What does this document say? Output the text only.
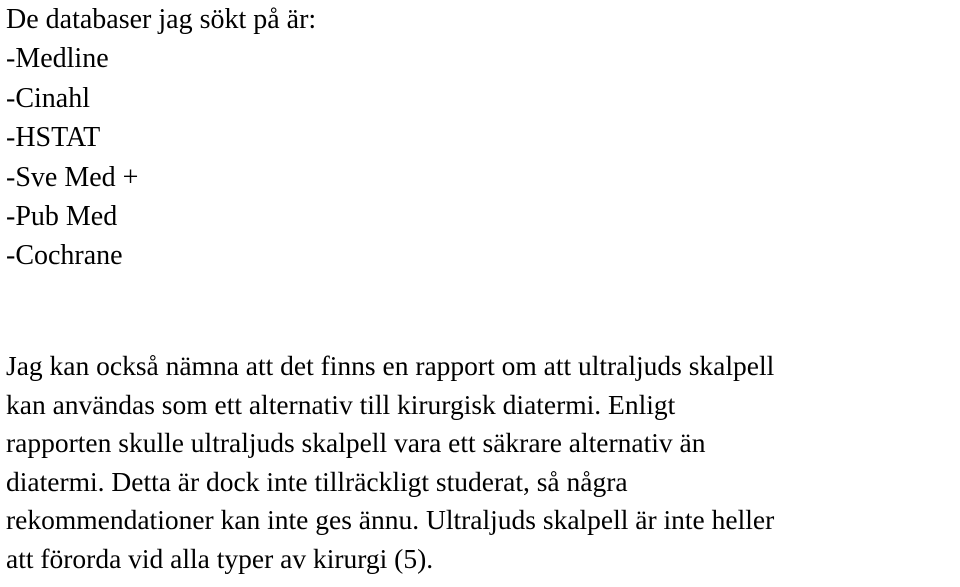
De databaser jag sökt på är:
-Medline
-Cinahl
-HSTAT
-Sve Med +
-Pub Med
-Cochrane

Jag kan också nämna att det finns en rapport om att ultraljuds skalpell
kan användas som ett alternativ till kirurgisk diatermi. Enligt
rapporten skulle ultraljuds skalpell vara ett säkrare alternativ än
diatermi. Detta är dock inte tillräckligt studerat, så några
rekommendationer kan inte ges ännu. Ultraljuds skalpell är inte heller
att förorda vid alla typer av kirurgi (5).
